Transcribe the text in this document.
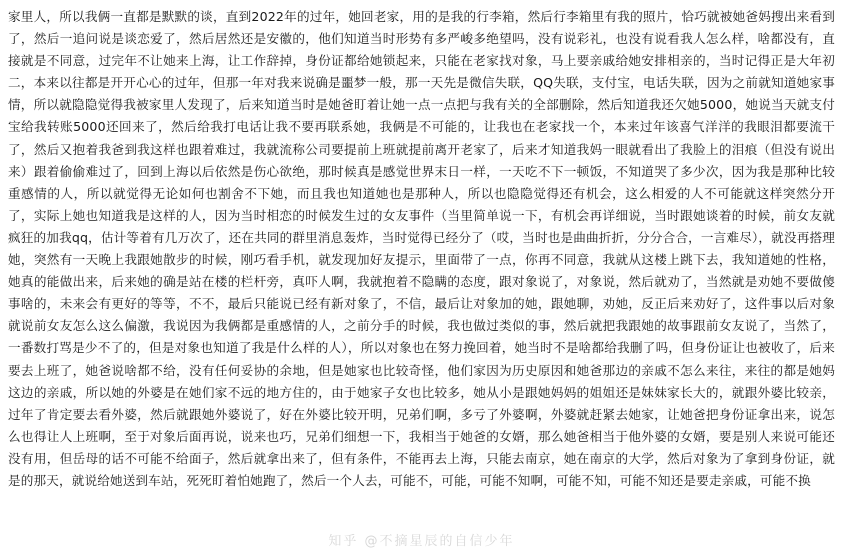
家里人，所以我俩一直都是默默的谈，直到2022年的过年，她回老家，用的是我的行李箱，然后行李箱里有我的照片，恰巧就被她爸妈搜出来看到了，然后一追问说是谈恋爱了，然后居然还是安徽的，他们知道当时形势有多严峻多绝望吗，没有说彩礼，也没有说看我人怎么样，啥都没有，直接就是不同意，过完年不让她来上海，让工作辞掉，身份证都给她锁起来，只能在老家找对象，马上要亲戚给她安排相亲的，当时记得正是大年初二，本来以往都是开开心心的过年，但那一年对我来说确是噩梦一般，那一天先是微信失联，QQ失联，支付宝，电话失联，因为之前就知道她家事情，所以就隐隐觉得我被家里人发现了，后来知道当时是她爸盯着让她一点一点把与我有关的全部删除，然后知道我还欠她5000，她说当天就支付宝给我转账5000还回来了，然后给我打电话让我不要再联系她，我俩是不可能的，让我也在老家找一个，本来过年该喜气洋洋的我眼泪都要流干了，然后又抱着我爸到我这样也跟着难过，我就流称公司要提前上班就提前离开老家了，后来才知道我妈一眼就看出了我脸上的泪痕（但没有说出来）跟着偷偷难过了，回到上海以后依然是伤心欲绝，那时候真是感觉世界末日一样，一天吃不下一顿饭，不知道哭了多少次，因为我是那种比较重感情的人，所以就觉得无论如何也割舍不下她，而且我也知道她也是那种人，所以也隐隐觉得还有机会，这么相爱的人不可能就这样突然分开了，实际上她也知道我是这样的人，因为当时相恋的时候发生过的女友事件（当里简单说一下，有机会再详细说，当时跟她谈着的时候，前女友就疯狂的加我qq，估计等着有几万次了，还在共同的群里消息轰炸，当时觉得已经分了（哎，当时也是曲曲折折，分分合合，一言难尽），就没再搭理她，突然有一天晚上我跟她散步的时候，刚巧看手机，就发现加好友提示，里面带了一点，你再不同意，我就从这楼上跳下去，我知道她的性格，她真的能做出来，后来她的确是站在楼的栏杆旁，真吓人啊，我就抱着不隐瞒的态度，跟对象说了，对象说，然后就劝了，当然就是劝她不要做傻事啥的，未来会有更好的等等，不不，最后只能说已经有新对象了，不信，最后让对象加的她，跟她聊，劝她，反正后来劝好了，这件事以后对象就说前女友怎么这么偏激，我说因为我俩都是重感情的人，之前分手的时候，我也做过类似的事，然后就把我跟她的故事跟前女友说了，当然了，一番数打骂是少不了的，但是对象也知道了我是什么样的人），所以对象也在努力挽回着，她当时不是啥都给我删了吗，但身份证让也被收了，后来要去上班了，她爸说啥都不给，没有任何妥协的余地，但是她家也比较奇怪，他们家因为历史原因和她爸那边的亲戚不怎么来往，来往的都是她妈这边的亲戚，所以她的外婆是在她们家不远的地方住的，由于她家子女也比较多，她从小是跟她妈妈的姐姐还是妹妹家长大的，就跟外婆比较亲，过年了肯定要去看外婆，然后就跟她外婆说了，好在外婆比较开明，兄弟们啊，多亏了外婆啊，外婆就赶紧去她家，让她爸把身份证拿出来，说怎么也得让人上班啊，至于对象后面再说，说来也巧，兄弟们细想一下，我相当于她爸的女婿，那么她爸相当于他外婆的女婿，要是别人来说可能还没有用，但岳母的话不可能不给面子，然后就拿出来了，但有条件，不能再去上海，只能去南京，她在南京的大学，然后对象为了拿到身份证，就是的那天，就说给她送到车站，死死盯着怕她跑了，然后一个人去，可能不，可能，可能不知啊，可能不知，可能不知还是要走亲戚，可能不换
知乎 @不摘星辰的自信少年
